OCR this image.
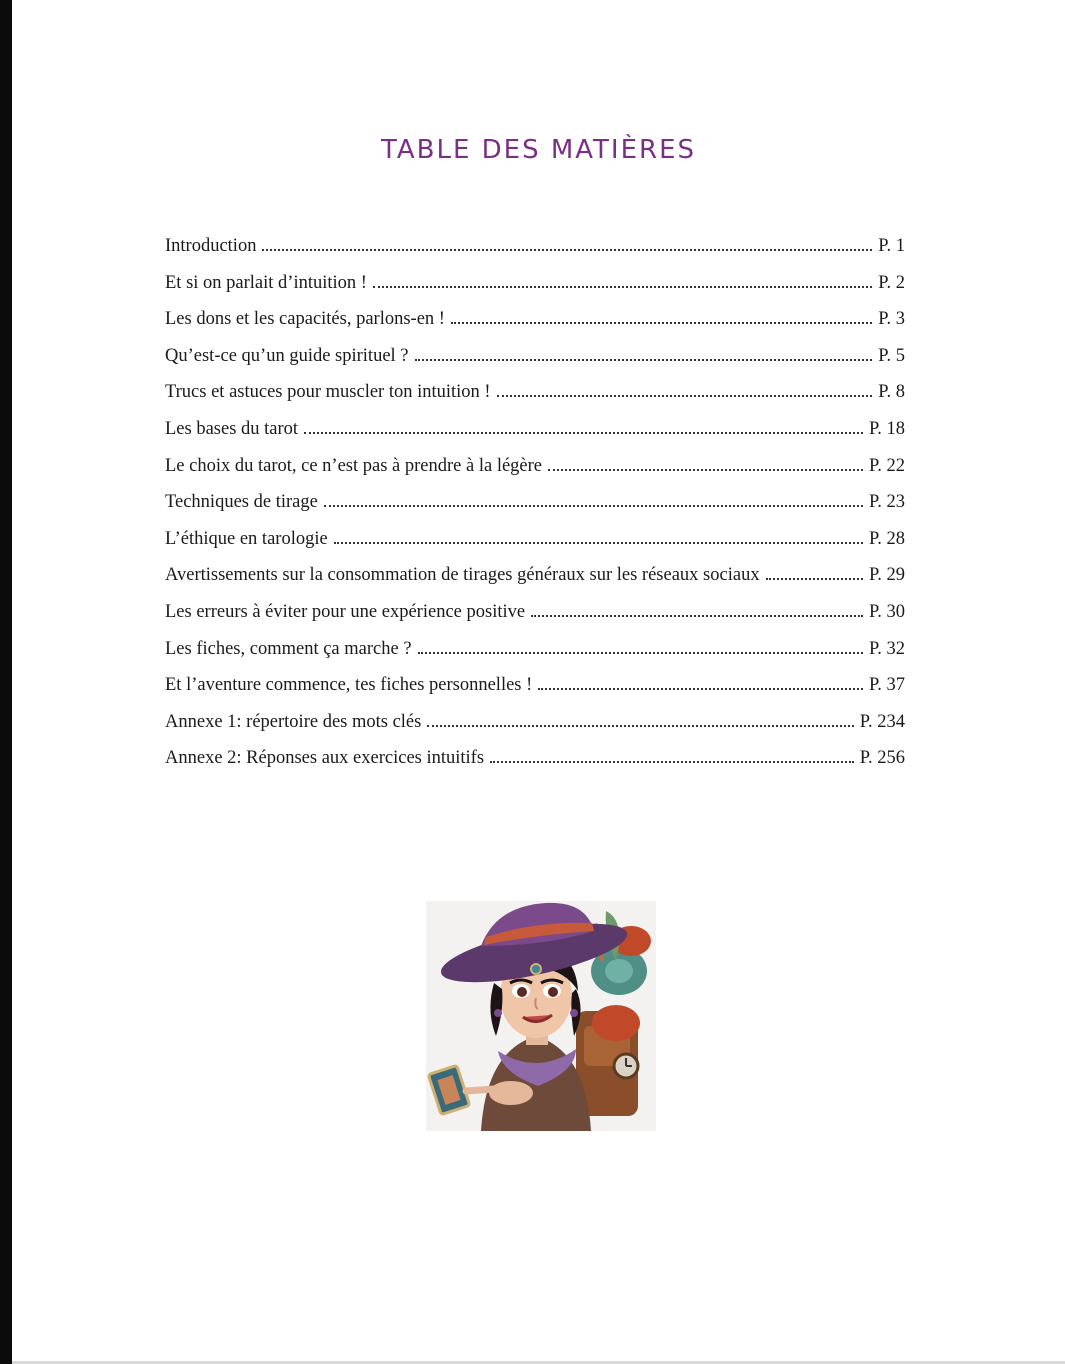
TABLE DES MATIÈRES
Introduction	P. 1
Et si on parlait d’intuition !	P. 2
Les dons et les capacités, parlons-en !	P. 3
Qu’est-ce qu’un guide spirituel ?	P. 5
Trucs et astuces pour muscler ton intuition !	P. 8
Les bases du tarot	P. 18
Le choix du tarot, ce n’est pas à prendre à la légère	P. 22
Techniques de tirage	P. 23
L’éthique en tarologie	P. 28
Avertissements sur la consommation de tirages généraux sur les réseaux sociaux	P. 29
Les erreurs à éviter pour une expérience positive	P. 30
Les fiches, comment ça marche ?	P. 32
Et l’aventure commence, tes fiches personnelles !	P. 37
Annexe 1: répertoire des mots clés	P. 234
Annexe 2: Réponses aux exercices intuitifs	P. 256
